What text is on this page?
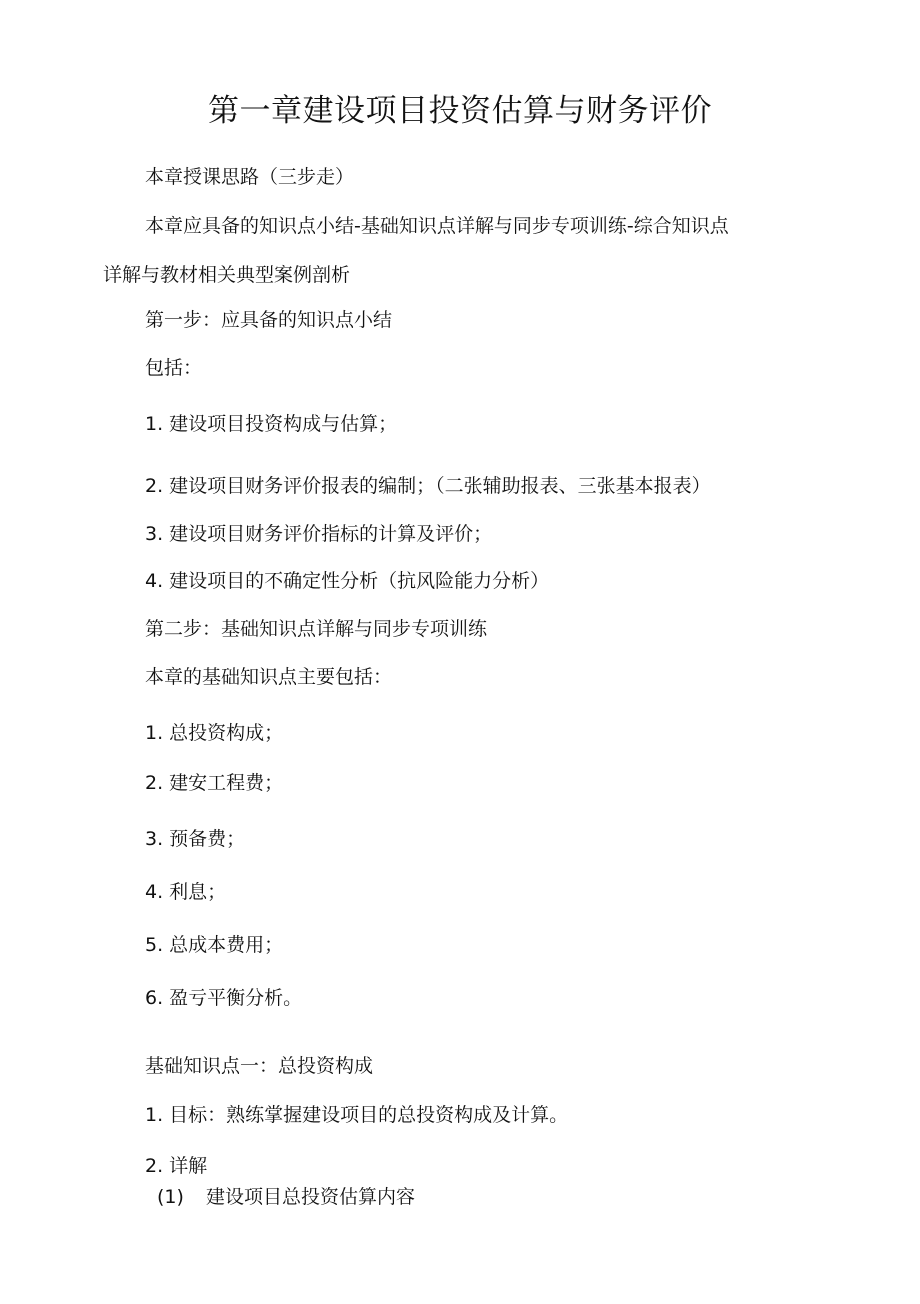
第一章建设项目投资估算与财务评价

本章授课思路（三步走）

本章应具备的知识点小结-基础知识点详解与同步专项训练-综合知识点详解与教材相关典型案例剖析

第一步：应具备的知识点小结

包括：

1. 建设项目投资构成与估算；

2. 建设项目财务评价报表的编制；（二张辅助报表、三张基本报表）

3. 建设项目财务评价指标的计算及评价；

4. 建设项目的不确定性分析（抗风险能力分析）

第二步：基础知识点详解与同步专项训练

本章的基础知识点主要包括：

1. 总投资构成；

2. 建安工程费；

3. 预备费；

4. 利息；

5. 总成本费用；

6. 盈亏平衡分析。

基础知识点一：总投资构成

1. 目标：熟练掌握建设项目的总投资构成及计算。

2. 详解

(1) 建设项目总投资估算内容
